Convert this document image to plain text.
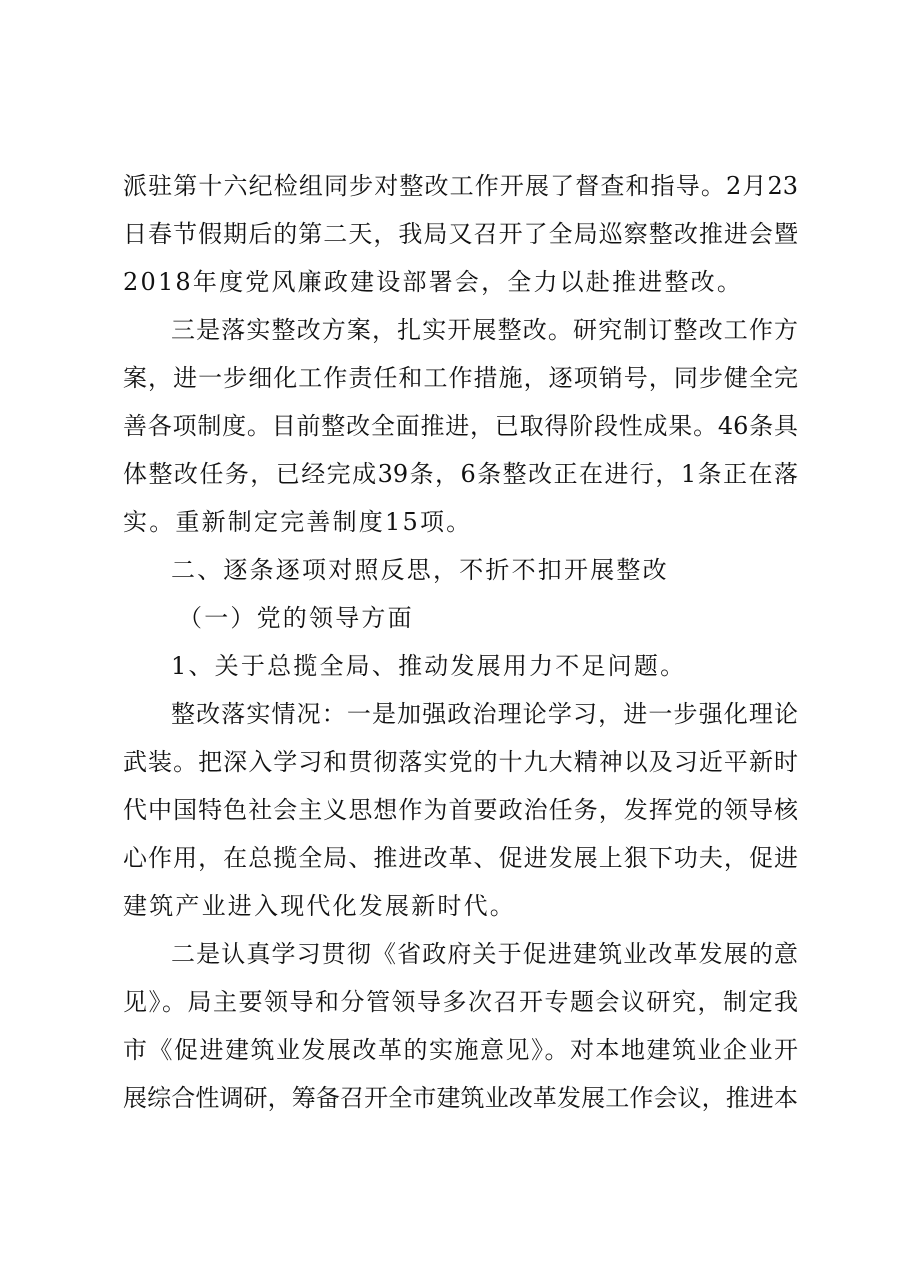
派驻第十六纪检组同步对整改工作开展了督查和指导。2月23
日春节假期后的第二天，我局又召开了全局巡察整改推进会暨
2018年度党风廉政建设部署会，全力以赴推进整改。
三是落实整改方案，扎实开展整改。研究制订整改工作方
案，进一步细化工作责任和工作措施，逐项销号，同步健全完
善各项制度。目前整改全面推进，已取得阶段性成果。46条具
体整改任务，已经完成39条，6条整改正在进行，1条正在落
实。重新制定完善制度15项。
二、逐条逐项对照反思，不折不扣开展整改
（一）党的领导方面
1、关于总揽全局、推动发展用力不足问题。
整改落实情况：一是加强政治理论学习，进一步强化理论
武装。把深入学习和贯彻落实党的十九大精神以及习近平新时
代中国特色社会主义思想作为首要政治任务，发挥党的领导核
心作用，在总揽全局、推进改革、促进发展上狠下功夫，促进
建筑产业进入现代化发展新时代。
二是认真学习贯彻《省政府关于促进建筑业改革发展的意
见》。局主要领导和分管领导多次召开专题会议研究，制定我
市《促进建筑业发展改革的实施意见》。对本地建筑业企业开
展综合性调研，筹备召开全市建筑业改革发展工作会议，推进本
